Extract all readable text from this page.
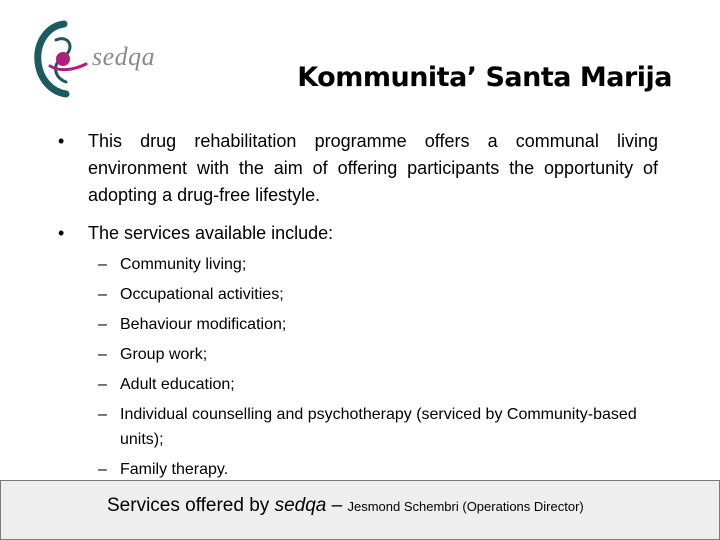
sedqa
Kommunita’ Santa Marija
• This drug rehabilitation programme offers a communal living environment with the aim of offering participants the opportunity of adopting a drug-free lifestyle.
• The services available include:
– Community living;
– Occupational activities;
– Behaviour modification;
– Group work;
– Adult education;
– Individual counselling and psychotherapy (serviced by Community-based units);
– Family therapy.
Services offered by sedqa – Jesmond Schembri (Operations Director)
